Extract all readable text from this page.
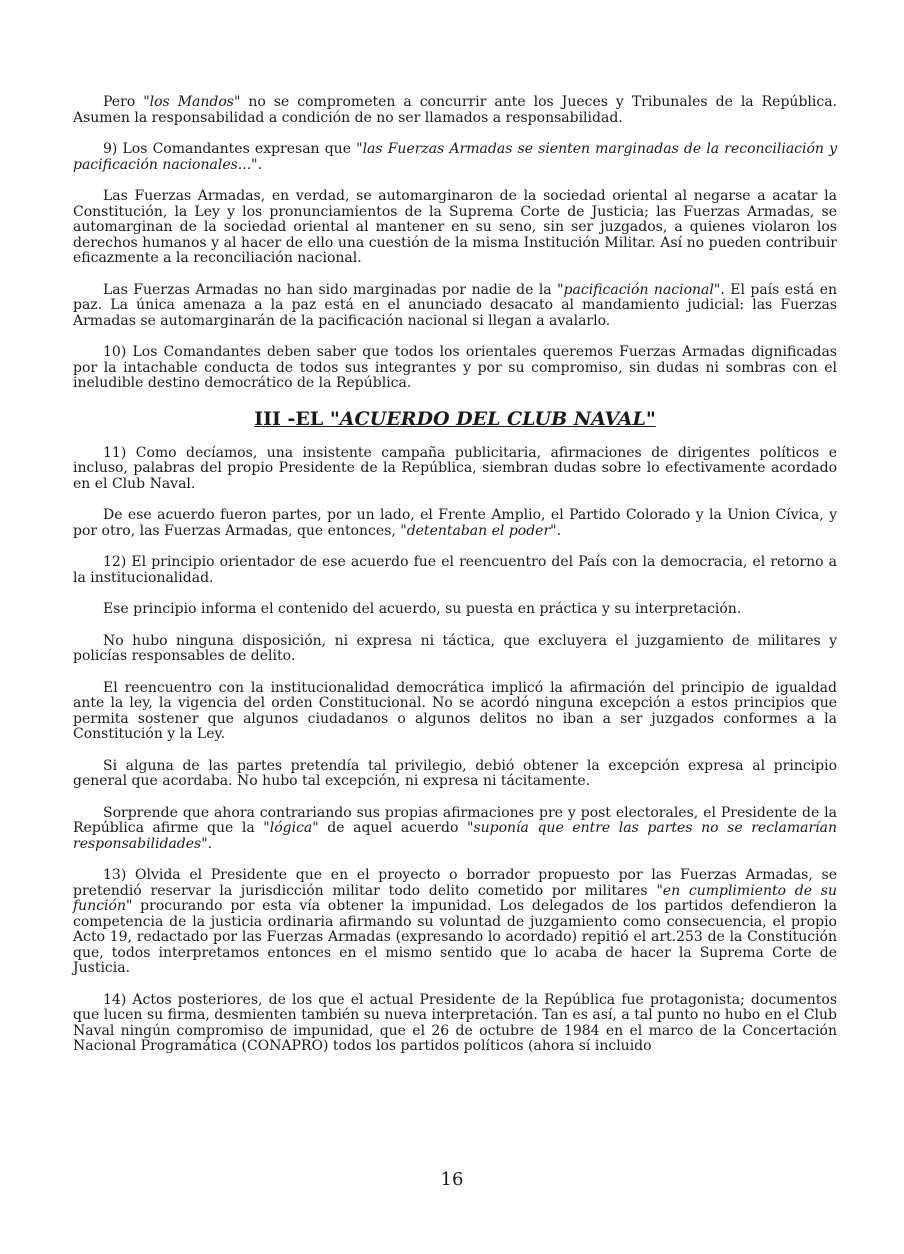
Pero "los Mandos" no se comprometen a concurrir ante los Jueces y Tribunales de la República. Asumen la responsabilidad a condición de no ser llamados a responsabilidad.

9) Los Comandantes expresan que "las Fuerzas Armadas se sienten marginadas de la reconciliación y pacificación nacionales...".

Las Fuerzas Armadas, en verdad, se automarginaron de la sociedad oriental al negarse a acatar la Constitución, la Ley y los pronunciamientos de la Suprema Corte de Justicia; las Fuerzas Armadas, se automarginan de la sociedad oriental al mantener en su seno, sin ser juzgados, a quienes violaron los derechos humanos y al hacer de ello una cuestión de la misma Institución Militar. Así no pueden contribuir eficazmente a la reconciliación nacional.

Las Fuerzas Armadas no han sido marginadas por nadie de la "pacificación nacional". El país está en paz. La única amenaza a la paz está en el anunciado desacato al mandamiento judicial: las Fuerzas Armadas se automarginarán de la pacificación nacional si llegan a avalarlo.

10) Los Comandantes deben saber que todos los orientales queremos Fuerzas Armadas dignificadas por la intachable conducta de todos sus integrantes y por su compromiso, sin dudas ni sombras con el ineludible destino democrático de la República.

III -EL "ACUERDO DEL CLUB NAVAL"

11) Como decíamos, una insistente campaña publicitaria, afirmaciones de dirigentes políticos e incluso, palabras del propio Presidente de la República, siembran dudas sobre lo efectivamente acordado en el Club Naval.

De ese acuerdo fueron partes, por un lado, el Frente Amplio, el Partido Colorado y la Union Cívica, y por otro, las Fuerzas Armadas, que entonces, "detentaban el poder".

12) El principio orientador de ese acuerdo fue el reencuentro del País con la democracia, el retorno a la institucionalidad.

Ese principio informa el contenido del acuerdo, su puesta en práctica y su interpretación.

No hubo ninguna disposición, ni expresa ni táctica, que excluyera el juzgamiento de militares y policías responsables de delito.

El reencuentro con la institucionalidad democrática implicó la afirmación del principio de igualdad ante la ley, la vigencia del orden Constitucional. No se acordó ninguna excepción a estos principios que permita sostener que algunos ciudadanos o algunos delitos no iban a ser juzgados conformes a la Constitución y la Ley.

Si alguna de las partes pretendía tal privilegio, debió obtener la excepción expresa al principio general que acordaba. No hubo tal excepción, ni expresa ni tácitamente.

Sorprende que ahora contrariando sus propias afirmaciones pre y post electorales, el Presidente de la República afirme que la "lógica" de aquel acuerdo "suponía que entre las partes no se reclamarían responsabilidades".

13) Olvida el Presidente que en el proyecto o borrador propuesto por las Fuerzas Armadas, se pretendió reservar la jurisdicción militar todo delito cometido por militares "en cumplimiento de su función" procurando por esta vía obtener la impunidad. Los delegados de los partidos defendieron la competencia de la justicia ordinaria afirmando su voluntad de juzgamiento como consecuencia, el propio Acto 19, redactado por las Fuerzas Armadas (expresando lo acordado) repitió el art.253 de la Constitución que, todos interpretamos entonces en el mismo sentido que lo acaba de hacer la Suprema Corte de Justicia.

14) Actos posteriores, de los que el actual Presidente de la República fue protagonista; documentos que lucen su firma, desmienten también su nueva interpretación. Tan es así, a tal punto no hubo en el Club Naval ningún compromiso de impunidad, que el 26 de octubre de 1984 en el marco de la Concertación Nacional Programática (CONAPRO) todos los partidos políticos (ahora sí incluido

16
